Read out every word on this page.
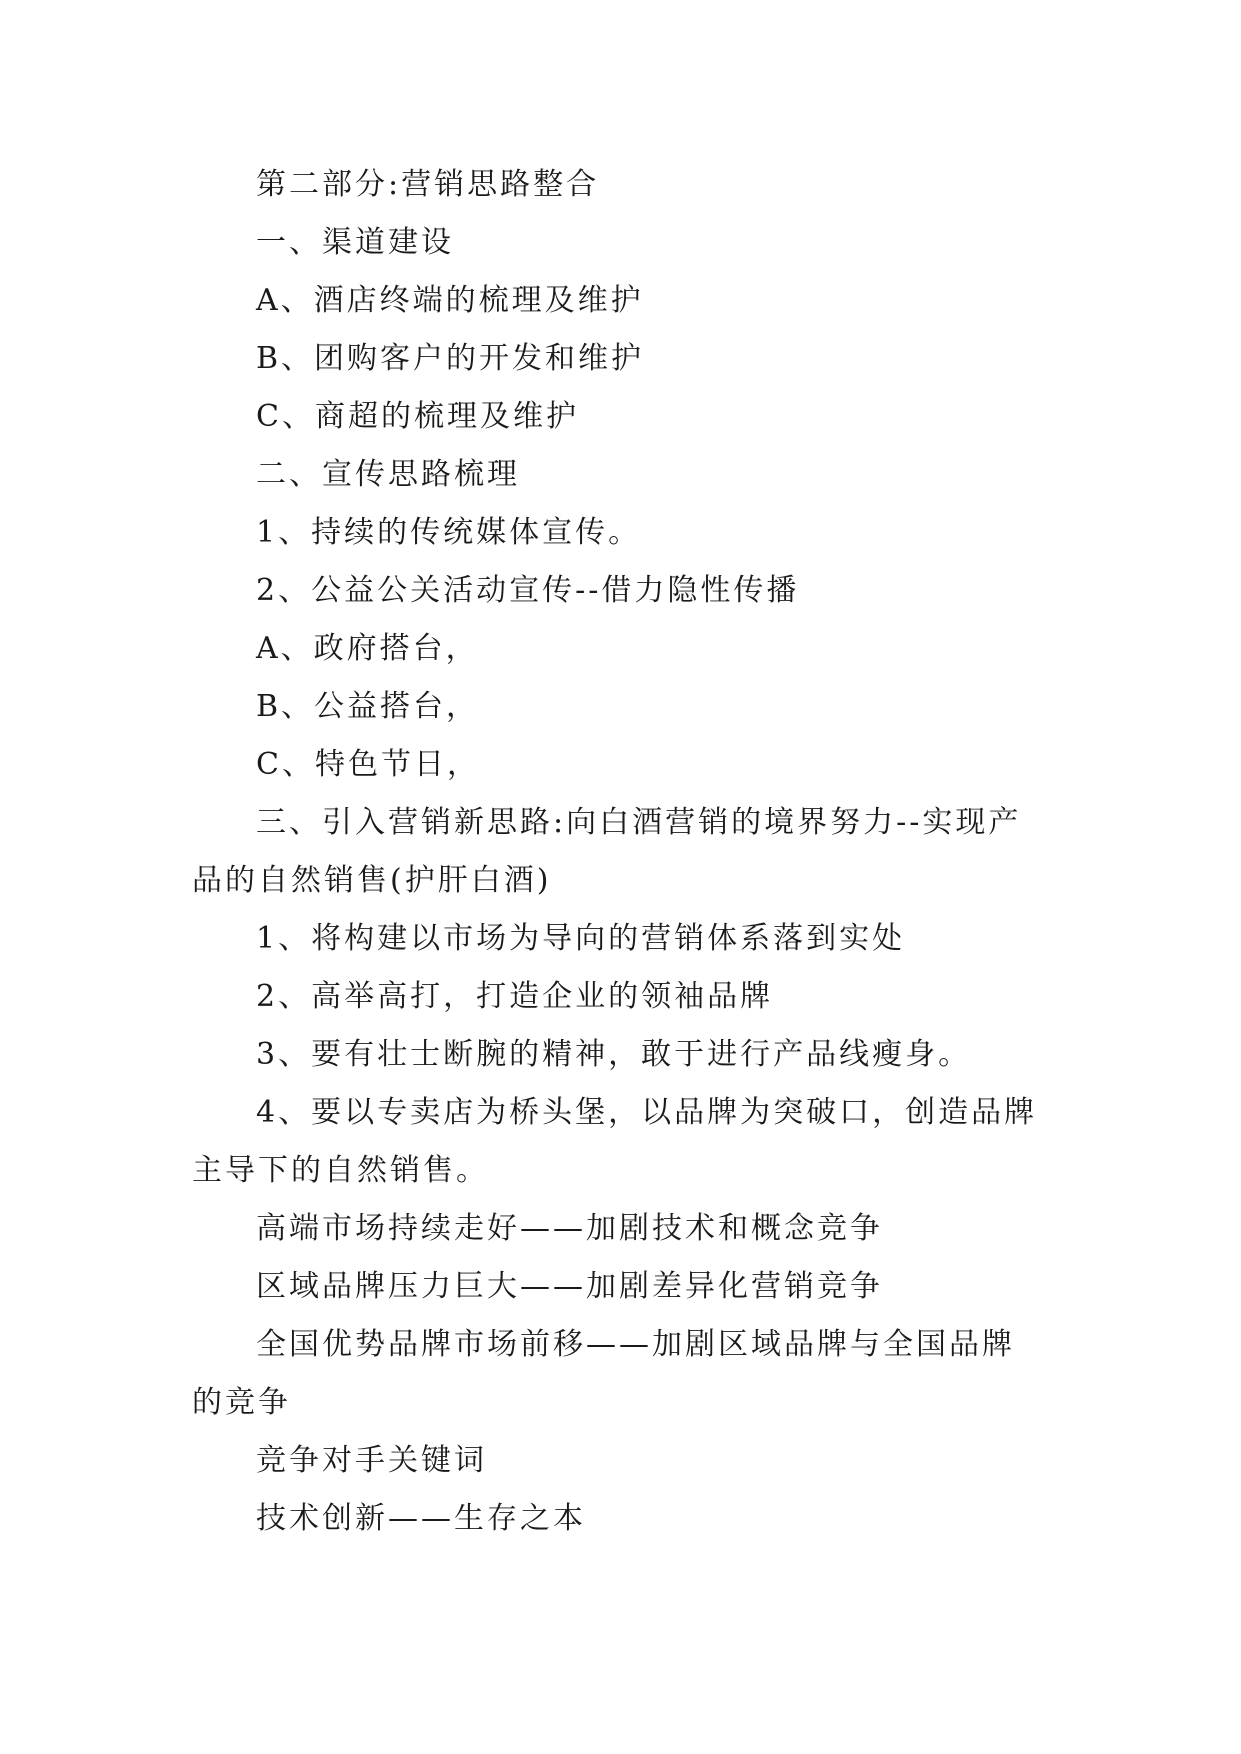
第二部分:营销思路整合
一、渠道建设
A、酒店终端的梳理及维护
B、团购客户的开发和维护
C、商超的梳理及维护
二、宣传思路梳理
1、持续的传统媒体宣传。
2、公益公关活动宣传--借力隐性传播
A、政府搭台，
B、公益搭台，
C、特色节日，
三、引入营销新思路:向白酒营销的境界努力--实现产
品的自然销售(护肝白酒)
1、将构建以市场为导向的营销体系落到实处
2、高举高打，打造企业的领袖品牌
3、要有壮士断腕的精神，敢于进行产品线瘦身。
4、要以专卖店为桥头堡，以品牌为突破口，创造品牌
主导下的自然销售。
高端市场持续走好——加剧技术和概念竞争
区域品牌压力巨大——加剧差异化营销竞争
全国优势品牌市场前移——加剧区域品牌与全国品牌
的竞争
竞争对手关键词
技术创新——生存之本
